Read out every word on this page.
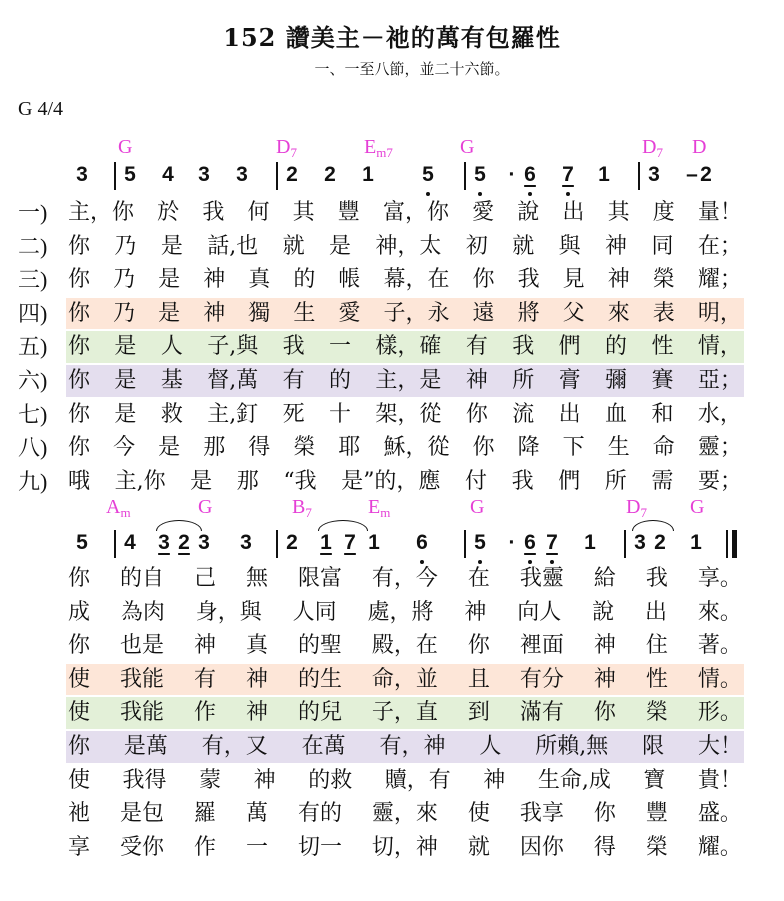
152 讚美主－祂的萬有包羅性
一、一至八節，並二十六節。
G 4/4
G	$D_7$	$E_{m7}$	G	$D_7$ D
3 5 4 3 3 2 2 1 5 5	· 6 7 1 3 – 2
一) 主，你 於 我 何 其 豐 富，你 愛 說 出 其 度 量！
二) 你 乃 是 話,也 就 是 神，太 初 就 與 神 同 在；
三) 你 乃 是 神 真 的 帳 幕，在 你 我 見 神 榮 耀；
四) 你 乃 是 神 獨 生 愛 子，永 遠 將 父 來 表 明，
五) 你 是 人 子,與 我 一 樣，確 有 我 們 的 性 情，
六) 你 是 基 督,萬 有 的 主，是 神 所 膏 彌 賽 亞；
七) 你 是 救 主,釘 死 十 架，從 你 流 出 血 和 水，
八) 你 今 是 那 得 榮 耶 穌，從 你 降 下 生 命 靈；
九) 哦 主,你 是 那 “我 是”的，應 付 我 們 所 需 要；
$A_m$	G	$B_7$	$E_m$	G	$D_7$ G
5 4 3 2 3 3 2 1 7 1 6 5	· 6 7 1 3 2 1
你 的自 己 無 限富 有，今 在 我靈 給 我 享。
成 為肉 身，與 人同 處，將 神 向人 說 出 來。
你 也是 神 真 的聖 殿，在 你 裡面 神 住 著。
使 我能 有 神 的生 命，並 且 有分 神 性 情。
使 我能 作 神 的兒 子，直 到 滿有 你 榮 形。
你 是萬 有，又 在萬 有，神 人 所賴,無 限 大！
使 我得 蒙 神 的救 贖，有 神 生命,成 寶 貴！
祂 是包 羅 萬 有的 靈，來 使 我享 你 豐 盛。
享 受你 作 一 切一 切，神 就 因你 得 榮 耀。
